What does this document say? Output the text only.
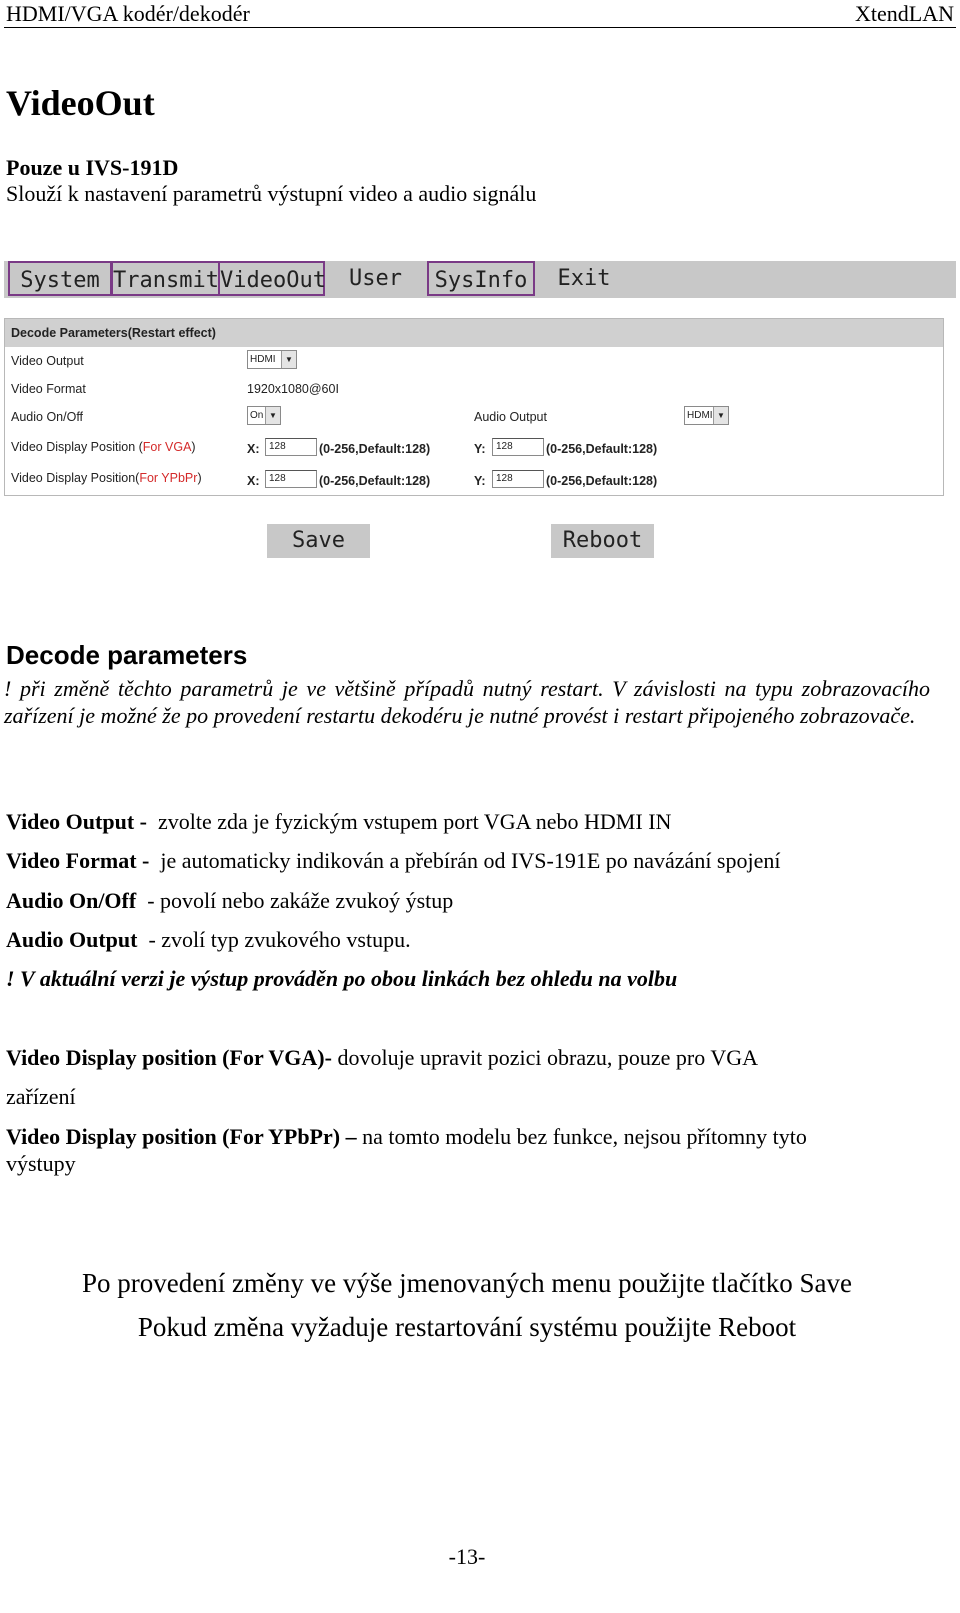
HDMI/VGA kodér/dekodér	XtendLAN
VideoOut
Pouze u IVS-191D
Slouží k nastavení parametrů výstupní video a audio signálu
System Transmit VideoOut	User	SysInfo	Exit
Decode Parameters(Restart effect)
Video Output	HDMI	▼
Video Format	1920x1080@60I
Audio On/Off	On ▼	Audio Output	HDMI ▼
Video Display Position (For VGA)	X: 128	(0-256,Default:128)	Y:	128	(0-256,Default:128)
Video Display Position(For YPbPr)	X: 128	(0-256,Default:128)	Y:	128	(0-256,Default:128)
Save	Reboot
Decode parameters
! při změně těchto parametrů je ve většině případů nutný restart. V závislosti na typu zobrazovacího zařízení je možné že po provedení restartu dekodéru je nutné provést i restart připojeného zobrazovače.
Video Output - zvolte zda je fyzickým vstupem port VGA nebo HDMI IN
Video Format - je automaticky indikován a přebírán od IVS-191E po navázání spojení
Audio On/Off - povolí nebo zakáže zvukoý ýstup
Audio Output - zvolí typ zvukového vstupu.
! V aktuální verzi je výstup prováděn po obou linkách bez ohledu na volbu
Video Display position (For VGA)- dovoluje upravit pozici obrazu, pouze pro VGA
zařízení
Video Display position (For YPbPr) – na tomto modelu bez funkce, nejsou přítomny tyto
výstupy
Po provedení změny ve výše jmenovaných menu použijte tlačítko Save
Pokud změna vyžaduje restartování systému použijte Reboot
-13-
